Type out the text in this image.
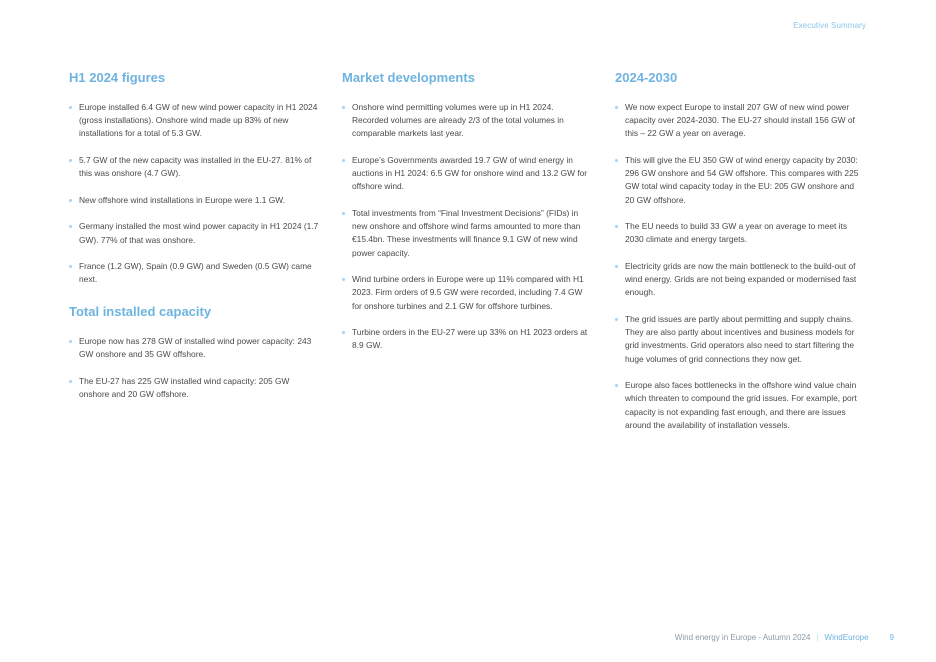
Executive Summary
H1 2024 figures
Europe installed 6.4 GW of new wind power capacity in H1 2024 (gross installations). Onshore wind made up 83% of new installations for a total of 5.3 GW.
5.7 GW of the new capacity was installed in the EU-27. 81% of this was onshore (4.7 GW).
New offshore wind installations in Europe were 1.1 GW.
Germany installed the most wind power capacity in H1 2024 (1.7 GW). 77% of that was onshore.
France (1.2 GW), Spain (0.9 GW) and Sweden (0.5 GW) came next.
Total installed capacity
Europe now has 278 GW of installed wind power capacity: 243 GW onshore and 35 GW offshore.
The EU-27 has 225 GW installed wind capacity: 205 GW onshore and 20 GW offshore.
Market developments
Onshore wind permitting volumes were up in H1 2024. Recorded volumes are already 2/3 of the total volumes in comparable markets last year.
Europe’s Governments awarded 19.7 GW of wind energy in auctions in H1 2024: 6.5 GW for onshore wind and 13.2 GW for offshore wind.
Total investments from “Final Investment Decisions” (FIDs) in new onshore and offshore wind farms amounted to more than €15.4bn. These investments will finance 9.1 GW of new wind power capacity.
Wind turbine orders in Europe were up 11% compared with H1 2023. Firm orders of 9.5 GW were recorded, including 7.4 GW for onshore turbines and 2.1 GW for offshore turbines.
Turbine orders in the EU-27 were up 33% on H1 2023 orders at 8.9 GW.
2024-2030
We now expect Europe to install 207 GW of new wind power capacity over 2024-2030. The EU-27 should install 156 GW of this – 22 GW a year on average.
This will give the EU 350 GW of wind energy capacity by 2030: 296 GW onshore and 54 GW offshore. This compares with 225 GW total wind capacity today in the EU: 205 GW onshore and 20 GW offshore.
The EU needs to build 33 GW a year on average to meet its 2030 climate and energy targets.
Electricity grids are now the main bottleneck to the build-out of wind energy. Grids are not being expanded or modernised fast enough.
The grid issues are partly about permitting and supply chains. They are also partly about incentives and business models for grid investments. Grid operators also need to start filtering the huge volumes of grid connections they now get.
Europe also faces bottlenecks in the offshore wind value chain which threaten to compound the grid issues. For example, port capacity is not expanding fast enough, and there are issues around the availability of installation vessels.
Wind energy in Europe - Autumn 2024 | WindEurope	9
